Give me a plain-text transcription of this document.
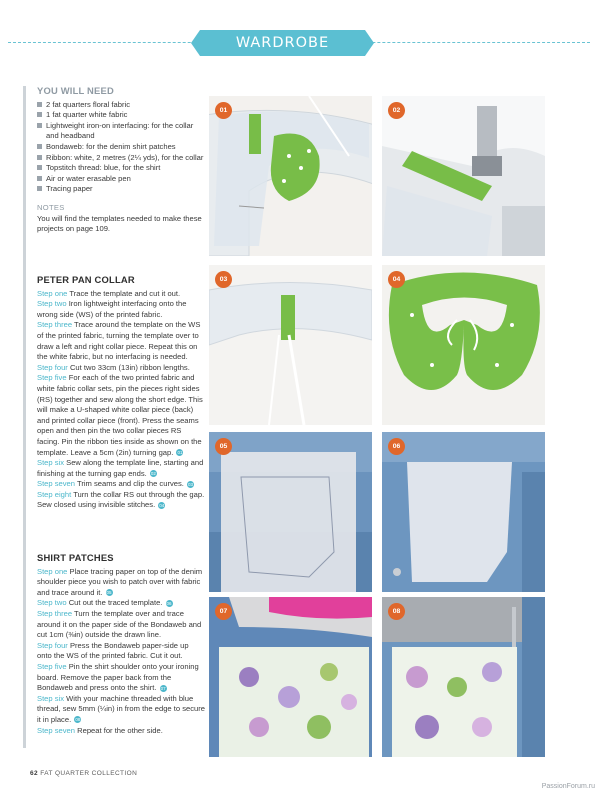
WARDROBE UPDATES
YOU WILL NEED
2 fat quarters floral fabric
1 fat quarter white fabric
Lightweight iron-on interfacing: for the collar and headband
Bondaweb: for the denim shirt patches
Ribbon: white, 2 metres (2¼ yds), for the collar
Topstitch thread: blue, for the shirt
Air or water erasable pen
Tracing paper
NOTES
You will find the templates needed to make these projects on page 109.
PETER PAN COLLAR
Step one Trace the template and cut it out.
Step two Iron lightweight interfacing onto the wrong side (WS) of the printed fabric.
Step three Trace around the template on the WS of the printed fabric, turning the template over to draw a left and right collar piece. Repeat this on the white fabric, but no interfacing is needed.
Step four Cut two 33cm (13in) ribbon lengths.
Step five For each of the two printed fabric and white fabric collar sets, pin the pieces right sides (RS) together and sew along the short edge. This will make a U-shaped white collar piece (back) and printed collar piece (front). Press the seams open and then pin the two collar pieces RS facing. Pin the ribbon ties inside as shown on the template. Leave a 5cm (2in) turning gap. 01
Step six Sew along the template line, starting and finishing at the turning gap ends. 02
Step seven Trim seams and clip the curves. 03
Step eight Turn the collar RS out through the gap. Sew closed using invisible stitches. 04
SHIRT PATCHES
Step one Place tracing paper on top of the denim shoulder piece you wish to patch over with fabric and trace around it. 05
Step two Cut out the traced template. 06
Step three Turn the template over and trace around it on the paper side of the Bondaweb and cut 1cm (⅜in) outside the drawn line.
Step four Press the Bondaweb paper-side up onto the WS of the printed fabric. Cut it out.
Step five Pin the shirt shoulder onto your ironing board. Remove the paper back from the Bondaweb and press onto the shirt. 07
Step six With your machine threaded with blue thread, sew 5mm (¼in) in from the edge to secure it in place. 08
Step seven Repeat for the other side.
01	02
03	04
05	06
07	08
62 FAT QUARTER COLLECTION
PassionForum.ru
